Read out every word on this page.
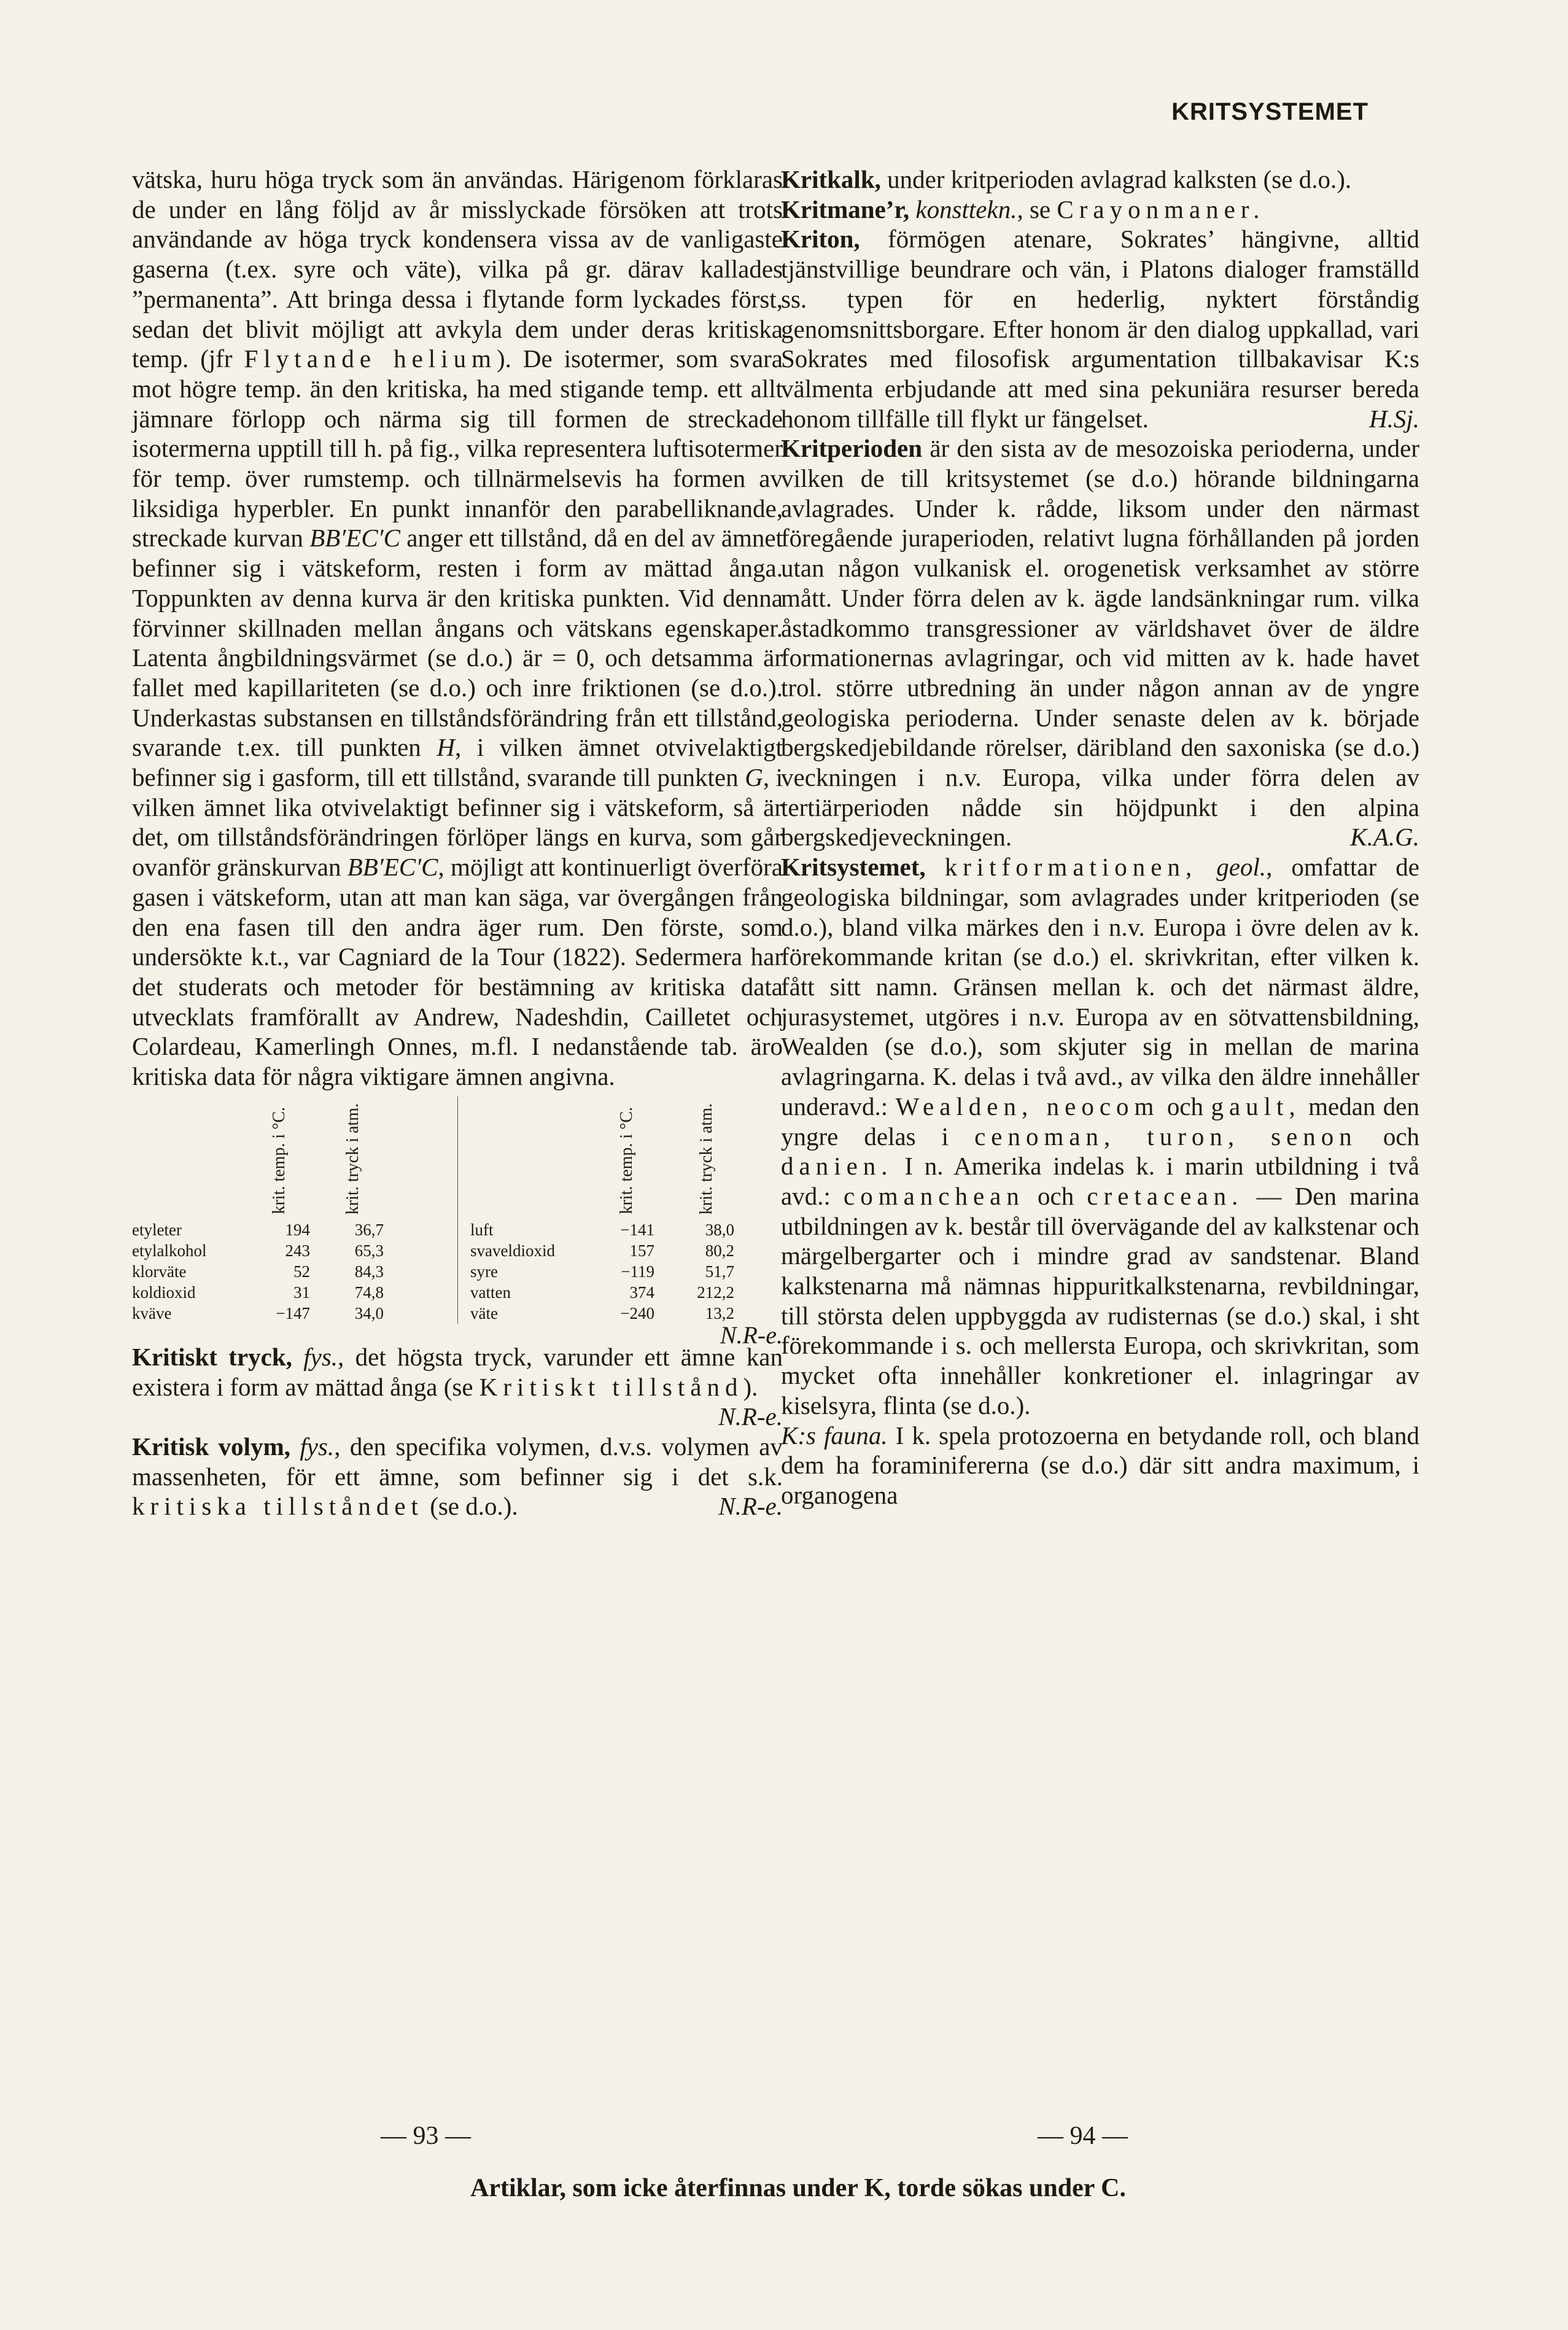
KRITSYSTEMET

vätska, huru höga tryck som än användas. Härigenom förklaras de under en lång följd av år misslyckade försöken att trots användande av höga tryck kondensera vissa av de vanligaste gaserna (t.ex. syre och väte), vilka på gr. därav kallades ”permanenta”. Att bringa dessa i flytande form lyckades först, sedan det blivit möjligt att avkyla dem under deras kritiska temp. (jfr Flytande helium). De isotermer, som svara mot högre temp. än den kritiska, ha med stigande temp. ett allt jämnare förlopp och närma sig till formen de streckade isotermerna upptill till h. på fig., vilka representera luftisotermer för temp. över rumstemp. och tillnärmelsevis ha formen av liksidiga hyperbler. En punkt innanför den parabelliknande, streckade kurvan BB′EC′C anger ett tillstånd, då en del av ämnet befinner sig i vätskeform, resten i form av mättad ånga. Toppunkten av denna kurva är den kritiska punkten. Vid denna förvinner skillnaden mellan ångans och vätskans egenskaper. Latenta ångbildningsvärmet (se d.o.) är = 0, och detsamma är fallet med kapillariteten (se d.o.) och inre friktionen (se d.o.). Underkastas substansen en tillståndsförändring från ett tillstånd, svarande t.ex. till punkten H, i vilken ämnet otvivelaktigt befinner sig i gasform, till ett tillstånd, svarande till punkten G, i vilken ämnet lika otvivelaktigt befinner sig i vätskeform, så är det, om tillståndsförändringen förlöper längs en kurva, som går ovanför gränskurvan BB′EC′C, möjligt att kontinuerligt överföra gasen i vätskeform, utan att man kan säga, var övergången från den ena fasen till den andra äger rum. Den förste, som undersökte k.t., var Cagniard de la Tour (1822). Sedermera har det studerats och metoder för bestämning av kritiska data utvecklats framförallt av Andrew, Nadeshdin, Cailletet och Colardeau, Kamerlingh Onnes, m.fl. I nedanstående tab. äro kritiska data för några viktigare ämnen angivna.

krit. temp. i °C.	krit. tryck i atm.
etyleter	194	36,7
etylalkohol	243	65,3
klorväte	52	84,3
koldioxid	31	74,8
kväve	−147	34,0
krit. temp. i °C.	krit. tryck i atm.
luft	−141	38,0
svaveldioxid	157	80,2
syre	−119	51,7
vatten	374	212,2
väte	−240	13,2
N.R-e.

Kritiskt tryck, fys., det högsta tryck, varunder ett ämne kan existera i form av mättad ånga (se Kritiskt tillstånd).
N.R-e.

Kritisk volym, fys., den specifika volymen, d.v.s. volymen av massenheten, för ett ämne, som befinner sig i det s.k. kritiska tillståndet (se d.o.).	N.R-e.

Kritkalk, under kritperioden avlagrad kalksten (se d.o.).

Kritmane’r, konsttekn., se Crayonmaner.

Kriton, förmögen atenare, Sokrates’ hängivne, alltid tjänstvillige beundrare och vän, i Platons dialoger framställd ss. typen för en hederlig, nyktert förståndig genomsnittsborgare. Efter honom är den dialog uppkallad, vari Sokrates med filosofisk argumentation tillbakavisar K:s välmenta erbjudande att med sina pekuniära resurser bereda honom tillfälle till flykt ur fängelset.	H.Sj.

Kritperioden är den sista av de mesozoiska perioderna, under vilken de till kritsystemet (se d.o.) hörande bildningarna avlagrades. Under k. rådde, liksom under den närmast föregående juraperioden, relativt lugna förhållanden på jorden utan någon vulkanisk el. orogenetisk verksamhet av större mått. Under förra delen av k. ägde landsänkningar rum. vilka åstadkommo transgressioner av världshavet över de äldre formationernas avlagringar, och vid mitten av k. hade havet trol. större utbredning än under någon annan av de yngre geologiska perioderna. Under senaste delen av k. började bergskedjebildande rörelser, däribland den saxoniska (se d.o.) veckningen i n.v. Europa, vilka under förra delen av tertiärperioden nådde sin höjdpunkt i den alpina bergskedjeveckningen.	K.A.G.

Kritsystemet, kritformationen, geol., omfattar de geologiska bildningar, som avlagrades under kritperioden (se d.o.), bland vilka märkes den i n.v. Europa i övre delen av k. förekommande kritan (se d.o.) el. skrivkritan, efter vilken k. fått sitt namn. Gränsen mellan k. och det närmast äldre, jurasystemet, utgöres i n.v. Europa av en sötvattensbildning, Wealden (se d.o.), som skjuter sig in mellan de marina avlagringarna. K. delas i två avd., av vilka den äldre innehåller underavd.: Wealden, neocom och gault, medan den yngre delas i cenoman, turon, senon och danien. I n. Amerika indelas k. i marin utbildning i två avd.: comanchean och cretacean. — Den marina utbildningen av k. består till övervägande del av kalkstenar och märgelbergarter och i mindre grad av sandstenar. Bland kalkstenarna må nämnas hippuritkalkstenarna, revbildningar, till största delen uppbyggda av rudisternas (se d.o.) skal, i sht förekommande i s. och mellersta Europa, och skrivkritan, som mycket ofta innehåller konkretioner el. inlagringar av kiselsyra, flinta (se d.o.).

K:s fauna. I k. spela protozoerna en betydande roll, och bland dem ha foraminifererna (se d.o.) där sitt andra maximum, i organogena

— 93 —	— 94 —
Artiklar, som icke återfinnas under K, torde sökas under C.
